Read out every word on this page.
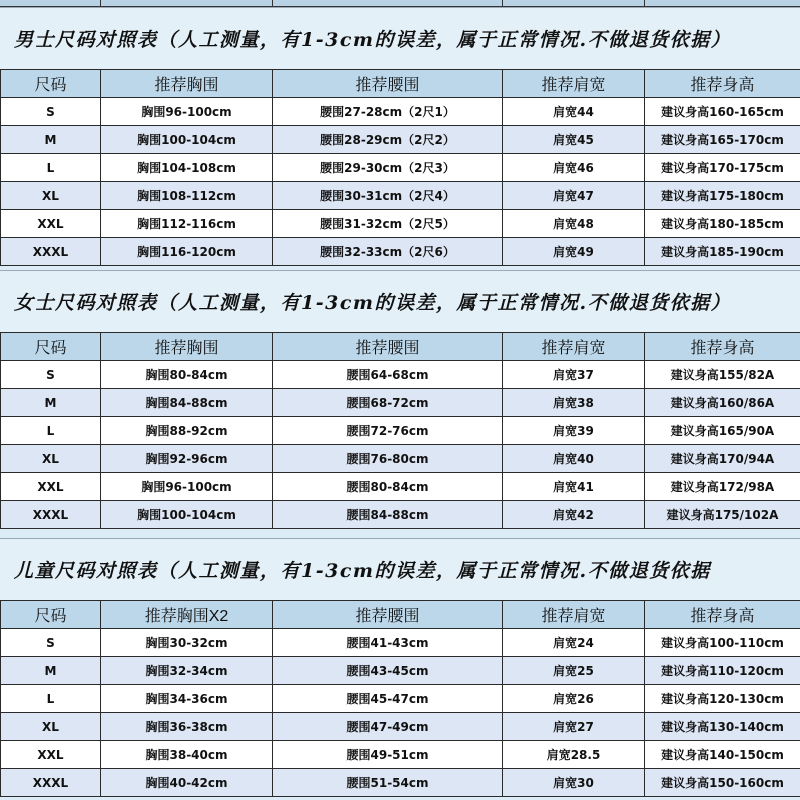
男士尺码对照表（人工测量，有1-3cm的误差，属于正常情况.不做退货依据）
尺码	推荐胸围	推荐腰围	推荐肩宽	推荐身高
S	胸围96-100cm	腰围27-28cm（2尺1）	肩宽44	建议身高160-165cm
M	胸围100-104cm	腰围28-29cm（2尺2）	肩宽45	建议身高165-170cm
L	胸围104-108cm	腰围29-30cm（2尺3）	肩宽46	建议身高170-175cm
XL	胸围108-112cm	腰围30-31cm（2尺4）	肩宽47	建议身高175-180cm
XXL	胸围112-116cm	腰围31-32cm（2尺5）	肩宽48	建议身高180-185cm
XXXL	胸围116-120cm	腰围32-33cm（2尺6）	肩宽49	建议身高185-190cm
女士尺码对照表（人工测量，有1-3cm的误差，属于正常情况.不做退货依据）
尺码	推荐胸围	推荐腰围	推荐肩宽	推荐身高
S	胸围80-84cm	腰围64-68cm	肩宽37	建议身高155/82A
M	胸围84-88cm	腰围68-72cm	肩宽38	建议身高160/86A
L	胸围88-92cm	腰围72-76cm	肩宽39	建议身高165/90A
XL	胸围92-96cm	腰围76-80cm	肩宽40	建议身高170/94A
XXL	胸围96-100cm	腰围80-84cm	肩宽41	建议身高172/98A
XXXL	胸围100-104cm	腰围84-88cm	肩宽42	建议身高175/102A
儿童尺码对照表（人工测量，有1-3cm的误差，属于正常情况.不做退货依据
尺码	推荐胸围X2	推荐腰围	推荐肩宽	推荐身高
S	胸围30-32cm	腰围41-43cm	肩宽24	建议身高100-110cm
M	胸围32-34cm	腰围43-45cm	肩宽25	建议身高110-120cm
L	胸围34-36cm	腰围45-47cm	肩宽26	建议身高120-130cm
XL	胸围36-38cm	腰围47-49cm	肩宽27	建议身高130-140cm
XXL	胸围38-40cm	腰围49-51cm	肩宽28.5	建议身高140-150cm
XXXL	胸围40-42cm	腰围51-54cm	肩宽30	建议身高150-160cm
